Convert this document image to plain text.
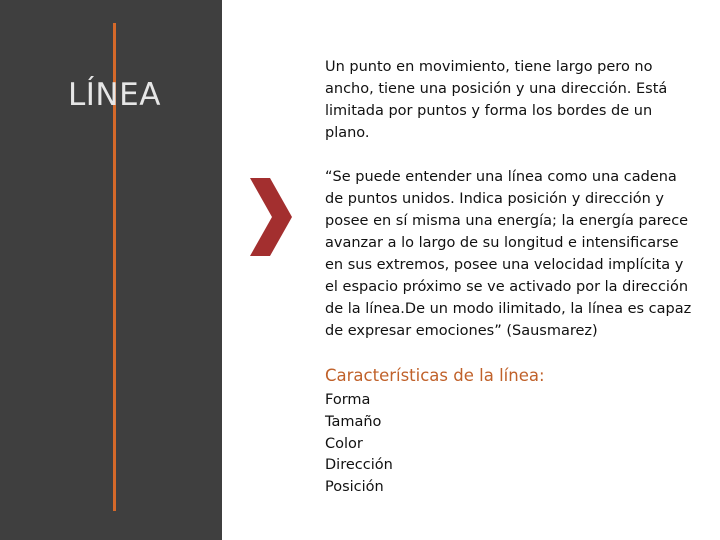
LÍNEA

Un punto en movimiento, tiene largo pero no ancho, tiene una posición y una dirección. Está limitada por puntos y forma los bordes de un plano.

“Se puede entender una línea como una cadena de puntos unidos. Indica posición y dirección y posee en sí misma una energía; la energía parece avanzar a lo largo de su longitud e intensificarse en sus extremos, posee una velocidad implícita y el espacio próximo se ve activado por la dirección de la línea.De un modo ilimitado, la línea es capaz de expresar emociones” (Sausmarez)

Características de la línea:

Forma
Tamaño
Color
Dirección
Posición
